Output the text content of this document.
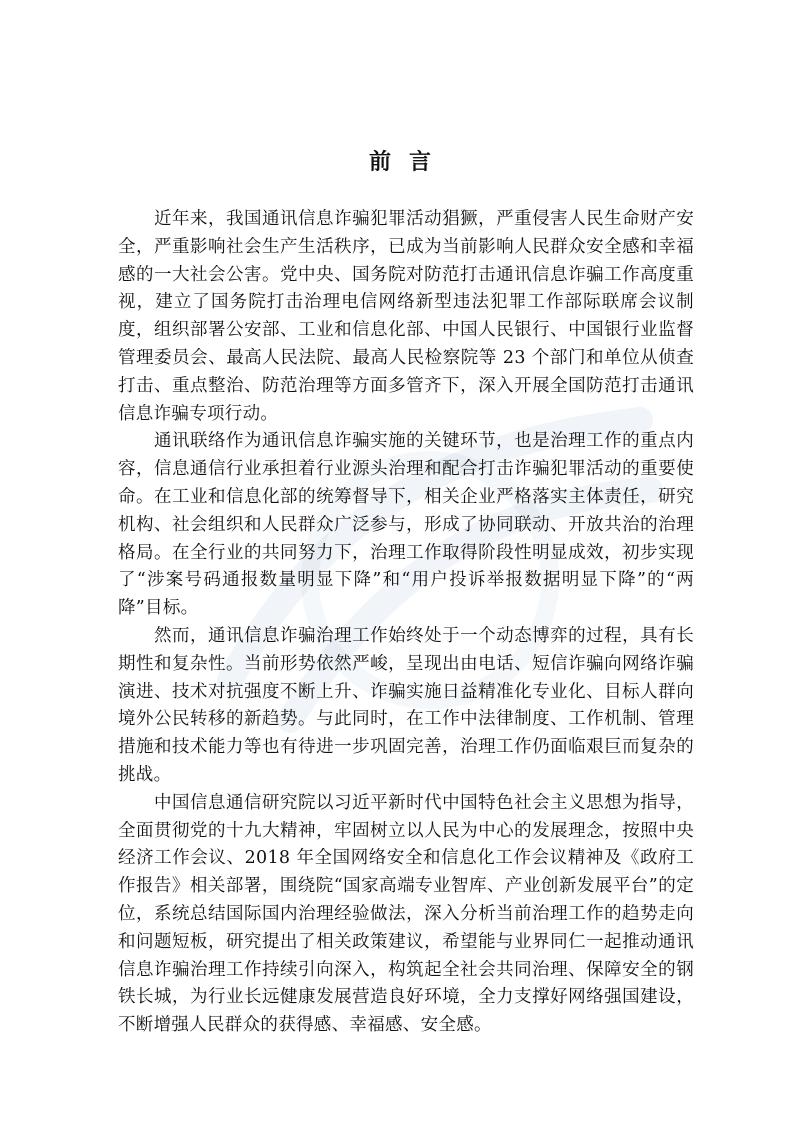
前言

近年来，我国通讯信息诈骗犯罪活动猖獗，严重侵害人民生命财产安全，严重影响社会生产生活秩序，已成为当前影响人民群众安全感和幸福感的一大社会公害。党中央、国务院对防范打击通讯信息诈骗工作高度重视，建立了国务院打击治理电信网络新型违法犯罪工作部际联席会议制度，组织部署公安部、工业和信息化部、中国人民银行、中国银行业监督管理委员会、最高人民法院、最高人民检察院等 23 个部门和单位从侦查打击、重点整治、防范治理等方面多管齐下，深入开展全国防范打击通讯信息诈骗专项行动。

通讯联络作为通讯信息诈骗实施的关键环节，也是治理工作的重点内容，信息通信行业承担着行业源头治理和配合打击诈骗犯罪活动的重要使命。在工业和信息化部的统筹督导下，相关企业严格落实主体责任，研究机构、社会组织和人民群众广泛参与，形成了协同联动、开放共治的治理格局。在全行业的共同努力下，治理工作取得阶段性明显成效，初步实现了“涉案号码通报数量明显下降”和“用户投诉举报数据明显下降”的“两降”目标。

然而，通讯信息诈骗治理工作始终处于一个动态博弈的过程，具有长期性和复杂性。当前形势依然严峻，呈现出由电话、短信诈骗向网络诈骗演进、技术对抗强度不断上升、诈骗实施日益精准化专业化、目标人群向境外公民转移的新趋势。与此同时，在工作中法律制度、工作机制、管理措施和技术能力等也有待进一步巩固完善，治理工作仍面临艰巨而复杂的挑战。

中国信息通信研究院以习近平新时代中国特色社会主义思想为指导，全面贯彻党的十九大精神，牢固树立以人民为中心的发展理念，按照中央经济工作会议、2018 年全国网络安全和信息化工作会议精神及《政府工作报告》相关部署，围绕院“国家高端专业智库、产业创新发展平台”的定位，系统总结国际国内治理经验做法，深入分析当前治理工作的趋势走向和问题短板，研究提出了相关政策建议，希望能与业界同仁一起推动通讯信息诈骗治理工作持续引向深入，构筑起全社会共同治理、保障安全的钢铁长城，为行业长远健康发展营造良好环境，全力支撑好网络强国建设，不断增强人民群众的获得感、幸福感、安全感。
